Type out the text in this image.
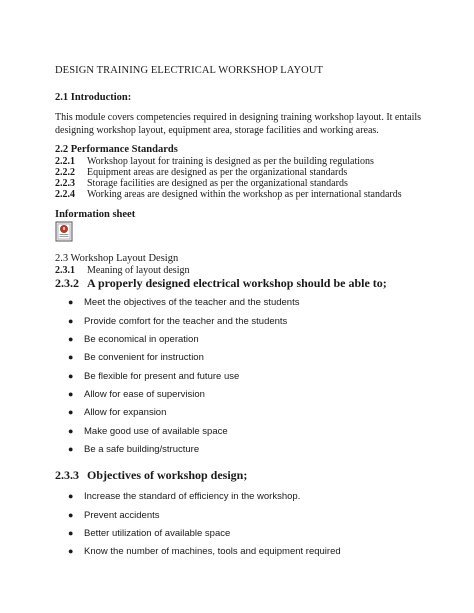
DESIGN TRAINING ELECTRICAL WORKSHOP LAYOUT
2.1 Introduction:
This module covers competencies required in designing training workshop layout. It entails
designing workshop layout, equipment area, storage facilities and working areas.
2.2 Performance Standards
2.2.1 Workshop layout for training is designed as per the building regulations
2.2.2 Equipment areas are designed as per the organizational standards
2.2.3 Storage facilities are designed as per the organizational standards
2.2.4 Working areas are designed within the workshop as per international standards
Information sheet
2.3 Workshop Layout Design
2.3.1 Meaning of layout design
2.3.2 A properly designed electrical workshop should be able to;
● Meet the objectives of the teacher and the students
● Provide comfort for the teacher and the students
● Be economical in operation
● Be convenient for instruction
● Be flexible for present and future use
● Allow for ease of supervision
● Allow for expansion
● Make good use of available space
● Be a safe building/structure
2.3.3 Objectives of workshop design;
● Increase the standard of efficiency in the workshop.
● Prevent accidents
● Better utilization of available space
● Know the number of machines, tools and equipment required
